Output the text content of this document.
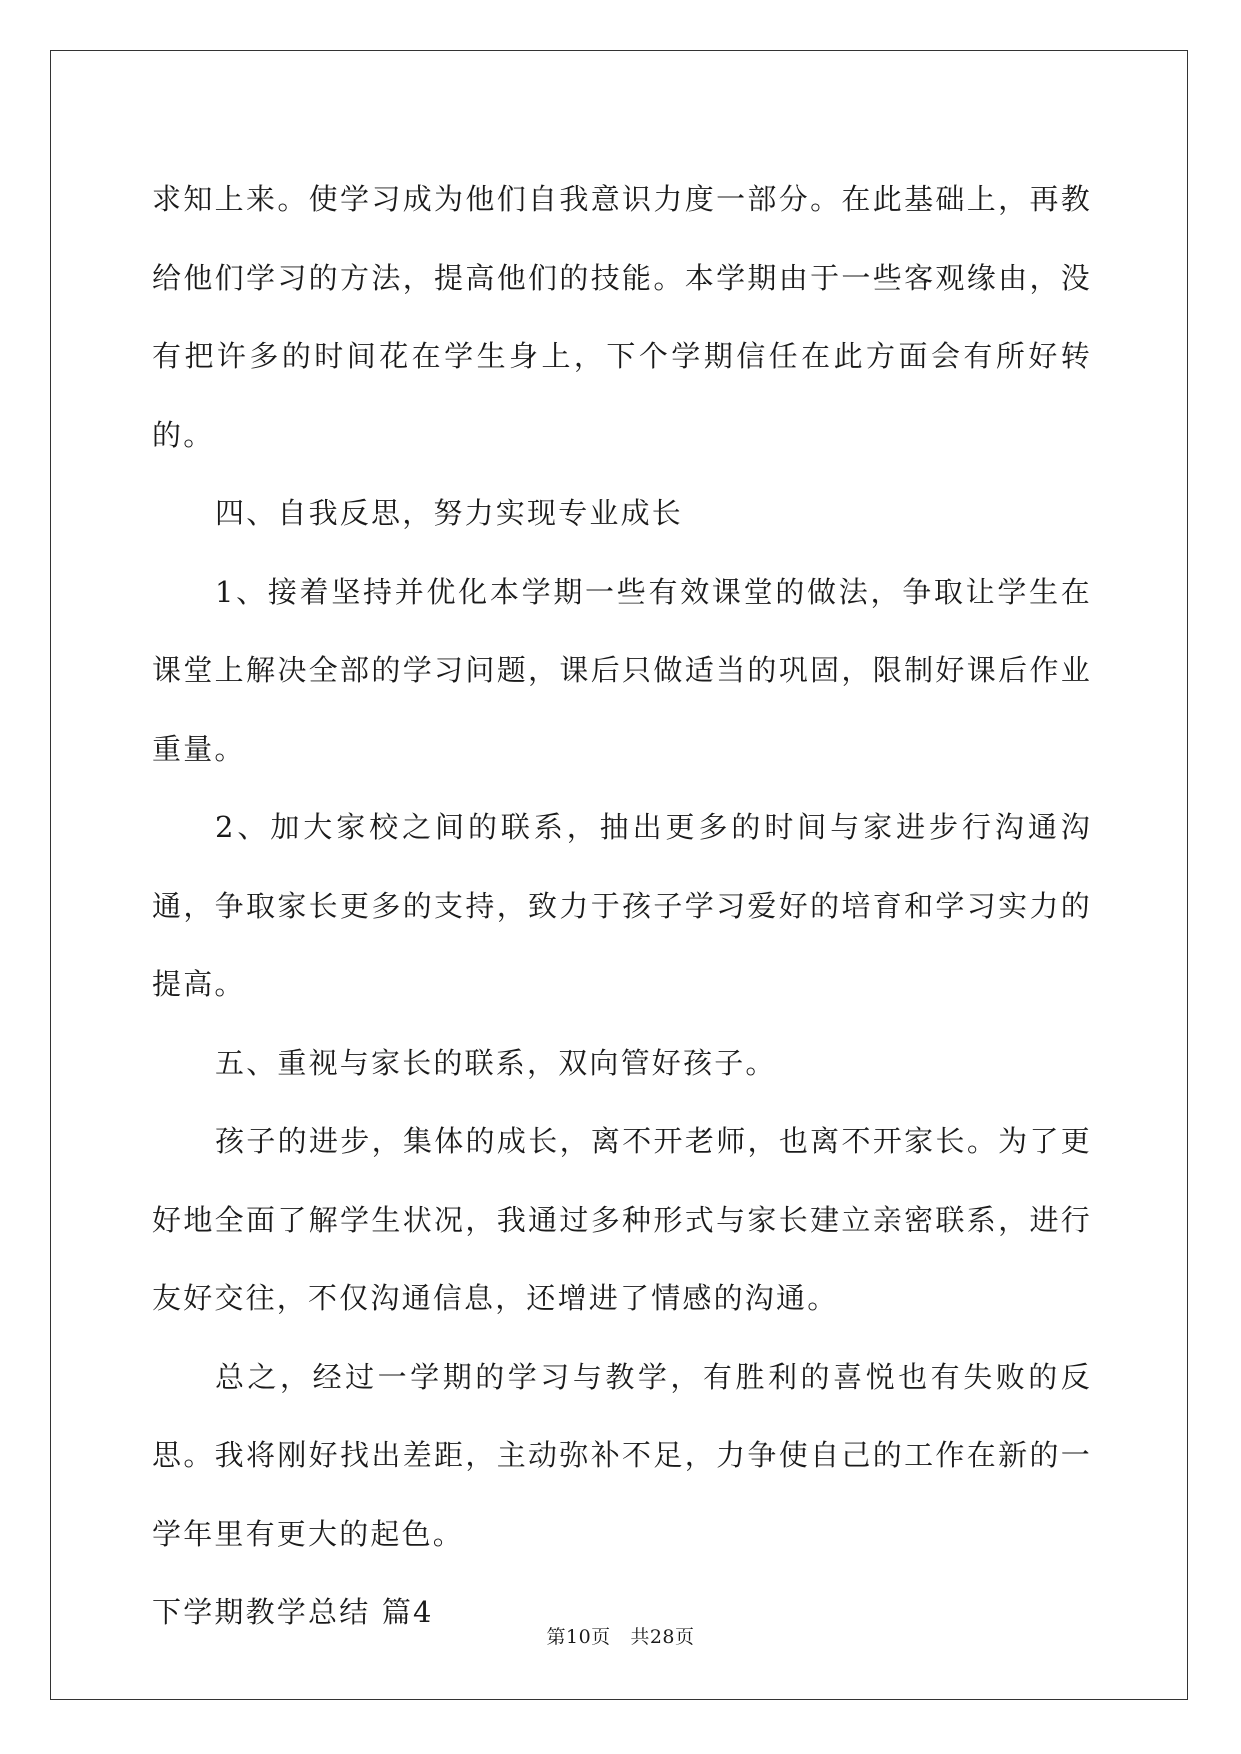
求知上来。使学习成为他们自我意识力度一部分。在此基础上，再教给他们学习的方法，提高他们的技能。本学期由于一些客观缘由，没有把许多的时间花在学生身上，下个学期信任在此方面会有所好转的。

四、自我反思，努力实现专业成长

1、接着坚持并优化本学期一些有效课堂的做法，争取让学生在课堂上解决全部的学习问题，课后只做适当的巩固，限制好课后作业重量。

2、加大家校之间的联系，抽出更多的时间与家进步行沟通沟通，争取家长更多的支持，致力于孩子学习爱好的培育和学习实力的提高。

五、重视与家长的联系，双向管好孩子。

孩子的进步，集体的成长，离不开老师，也离不开家长。为了更好地全面了解学生状况，我通过多种形式与家长建立亲密联系，进行友好交往，不仅沟通信息，还增进了情感的沟通。

总之，经过一学期的学习与教学，有胜利的喜悦也有失败的反思。我将刚好找出差距，主动弥补不足，力争使自己的工作在新的一学年里有更大的起色。

下学期教学总结 篇4
第10页 共28页
